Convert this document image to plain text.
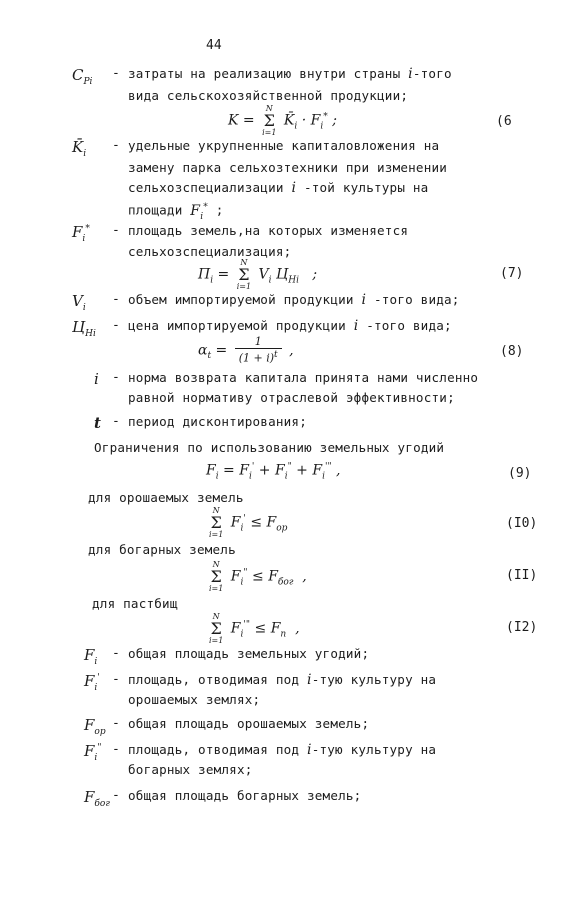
44
$C_{Pi}$
- затраты на реализацию внутри страны i-того
вида сельскохозяйственной продукции;
K =
N
Σ
i=1
$K̄_i \cdot F_i^*$ ;	(6
$K̄_i$
- удельные укрупненные капиталовложения на
замену парка сельхозтехники при изменении
сельхозспециализации i -той культуры на
площади $F_i^*$ ;
$F_i^*$	- площадь земель,на которых изменяется
сельхозспециализация;
$П_i$ =
N
Σ
i=1
$V_i$ $Ц_{Hi}$   ;	(7)
$V_i$
- объем импортируемой продукции i -того вида;
$Ц_{Hi}$
- цена импортируемой продукции i -того вида;
$\alpha_t = \frac{1}{(1 + i)^t}$ ,	(8)
i	- норма возврата капитала принята нами численно
равной нормативу отраслевой эффективности;
t - период дисконтирования;
Ограничения по использованию земельных угодий
$F_i = F_i' + F_i^" + F_i^{'"}$ ,	(9)
для орошаемых земель
N
Σ
i=1
$F_i' \le F_{op}$	(I0)
для богарных земель
N
Σ
i=1
$F_i^" \le F_{бог}$  ,	(II)
для пастбищ
N
Σ
i=1
$F_i^{'"} \le F_п$  ,	(I2)
$F_i$
- общая площадь земельных угодий;
$F_i'$ - площадь, отводимая под i-тую культуру на
орошаемых землях;
$F_{op}$
- общая площадь орошаемых земель;
$F_i^"$ - площадь, отводимая под i-тую культуру на
богарных землях;
$F_{бог}$
- общая площадь богарных земель;
